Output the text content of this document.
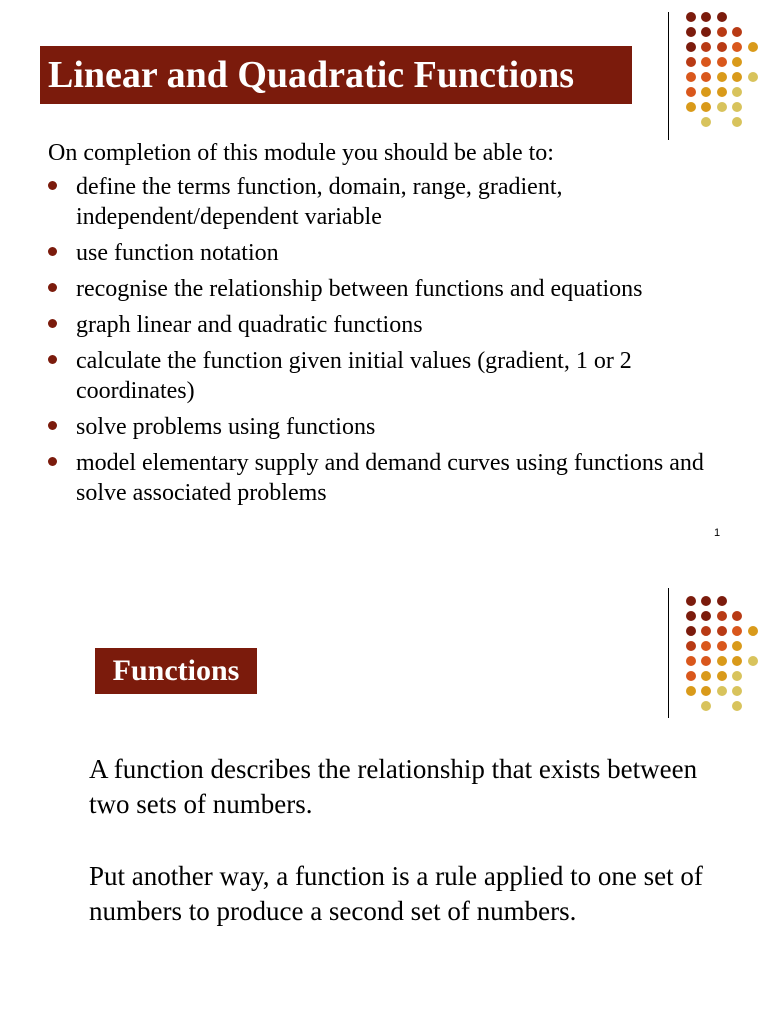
Linear and Quadratic Functions
On completion of this module you should be able to:
define the terms function, domain, range, gradient, independent/dependent variable
use function notation
recognise the relationship between functions and equations
graph linear and quadratic functions
calculate the function given initial values (gradient, 1 or 2 coordinates)
solve problems using functions
model elementary supply and demand curves using functions and solve associated problems
1
Functions
A function describes the relationship that exists between two sets of numbers.
Put another way, a function is a rule applied to one set of numbers to produce a second set of numbers.
